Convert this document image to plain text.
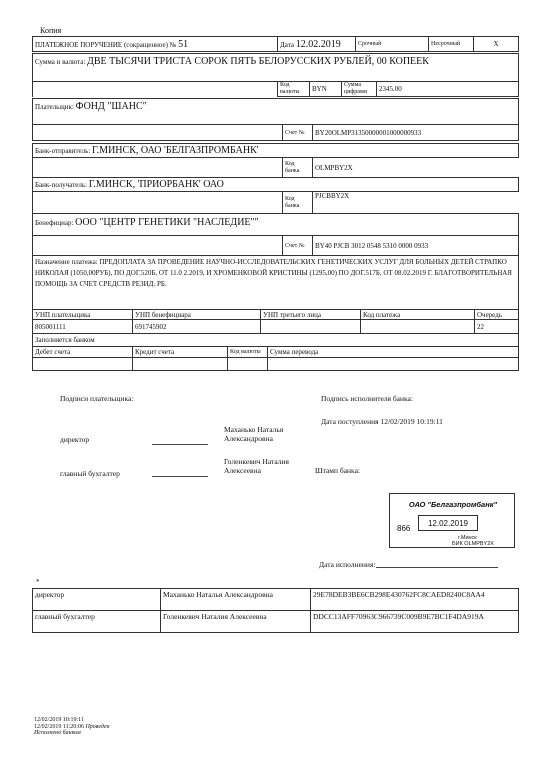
Копия
ПЛАТЕЖНОЕ ПОРУЧЕНИЕ (сокращенное) № 51	Дата 12.02.2019	Срочный	Несрочный	X
Сумма и валюта: ДВЕ ТЫСЯЧИ ТРИСТА СОРОК ПЯТЬ БЕЛОРУССКИХ РУБЛЕЙ, 00 КОПЕЕК
	Код валюты	BYN	Сумма цифрами	2345.00
Плательщик: ФОНД "ШАНС"
	Счет №	BY20OLMP31350000001000000933
Банк-отправитель: Г.МИНСК, ОАО 'БЕЛГАЗПРОМБАНК'
	Код банка	OLMPBY2X
Банк-получатель: Г.МИНСК, 'ПРИОРБАНК' ОАО
	Код банка	PJCBBY2X
Бенефициар: ООО "ЦЕНТР ГЕНЕТИКИ "НАСЛЕДИЕ""
	Счет №	BY40 PJCB 3012 0548 5310 0000 0933
Назначение платежа: ПРЕДОПЛАТА ЗА ПРОВЕДЕНИЕ НАУЧНО-ИССЛЕДОВАТЕЛЬСКИХ ГЕНЕТИЧЕСКИХ УСЛУГ ДЛЯ БОЛЬНЫХ ДЕТЕЙ СТРАПКО НИКОЛАЯ (1050,00РУБ), ПО ДОГ.520Б, ОТ 11.0 2.2019, И ХРОМЕНКОВОЙ КРИСТИНЫ (1295,00) ПО ДОГ.517Б, ОТ 08.02.2019 Г. БЛАГОТВОРИТЕЛЬНАЯ ПОМОЩЬ ЗА СЧЕТ СРЕДСТВ РЕЗИД. РБ.
УНП плательщика	УНП бенефициара	УНП третьего лица	Код платежа	Очередь
805001111	691745902			22
Заполняется банком			
Дебет счета	Кредит счета	Код валюты	Сумма перевода

Подписи плательщика:	Подпись исполнителя банка:
Дата поступления 12/02/2019 10:19:11
директор
Маханько Наталья
Александровна
главный бухгалтер
Голенкевич Наталия
Алексеевна	Штамп банка:
ОАО "Белгазпромбанк"
866
12.02.2019
г.Минск
БИК OLMPBY2X
Дата исполнения:
*
директор	Маханько Наталья Александровна	29E78DEB3BE6CB298E430762FC8CAED8240C8AA4
главный бухгалтер	Голенкевич Наталия Алексеевна	DDCC13AFF70963C966739C009B9E7BC1F4DA919A
12/02/2019 10:19:11
12/02/2019 11:20:06 Проведен
Исполнено банком
